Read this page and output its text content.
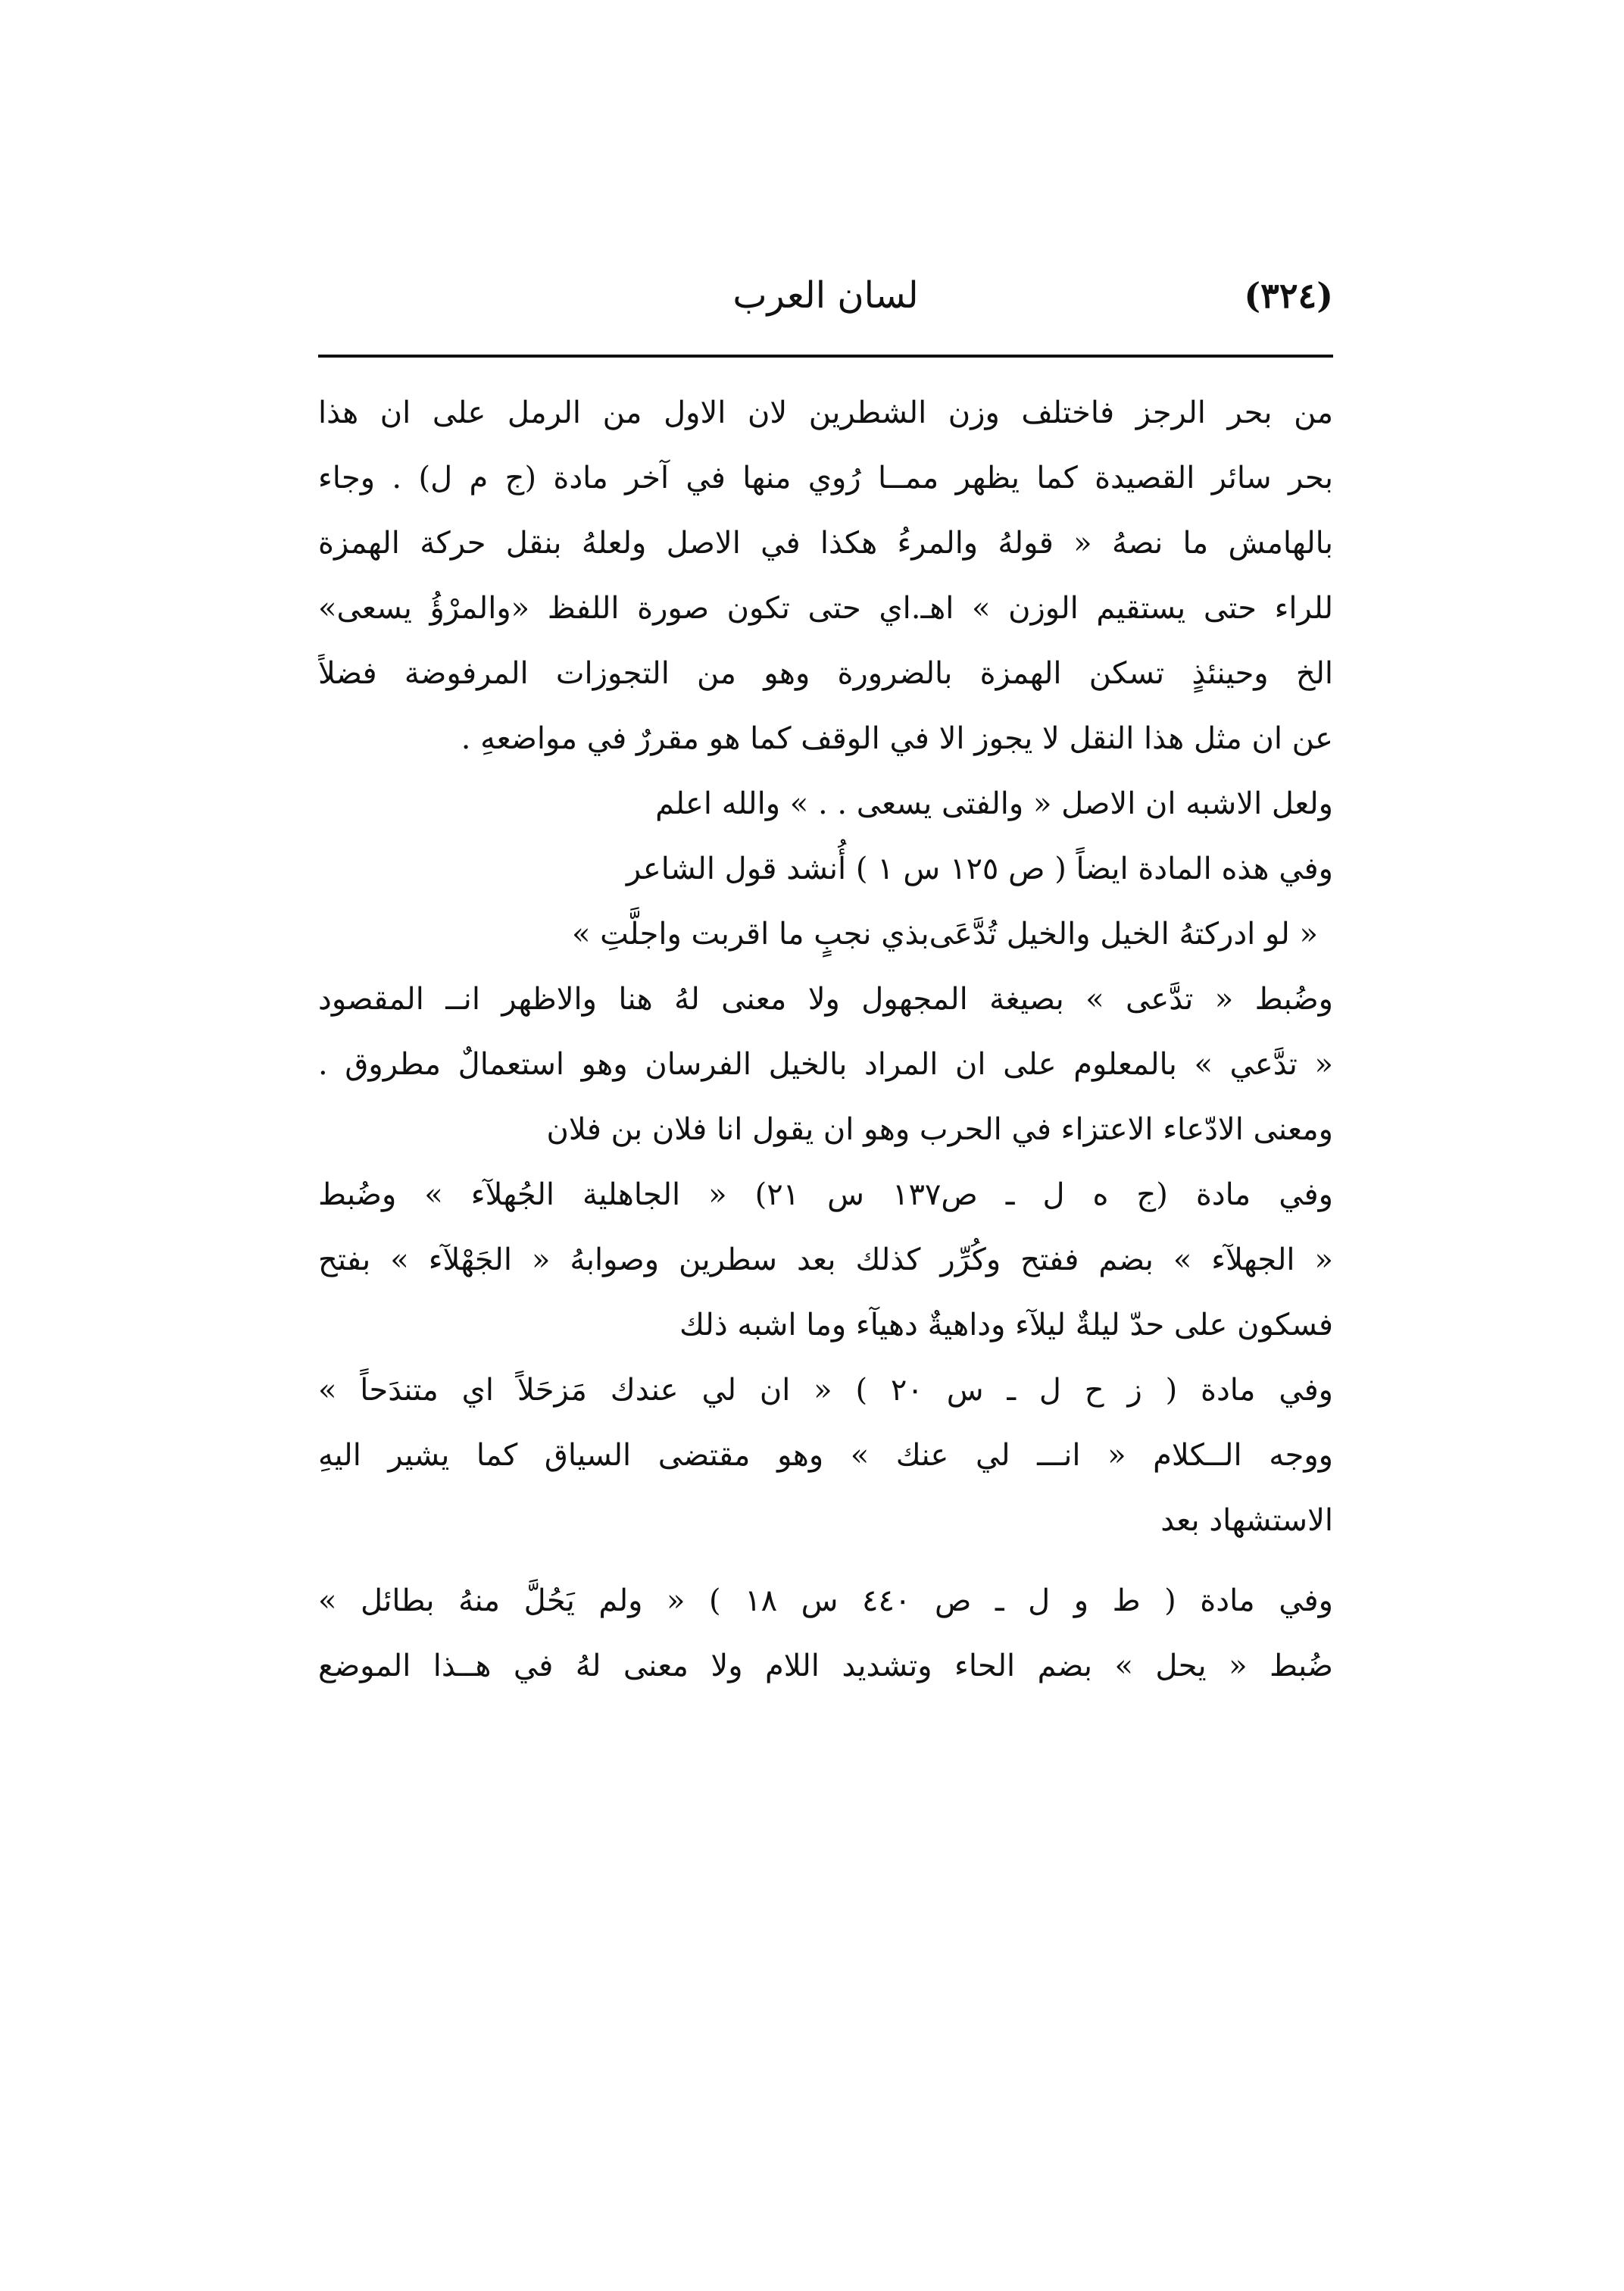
(٣٢٤)
لسان العرب
من بحر الرجز فاختلف وزن الشطرين لان الاول من الرمل على ان هذا
بحر سائر القصيدة كما يظهر ممــا رُوي منها في آخر مادة (ج م ل) . وجاء
بالهامش ما نصهُ « قولهُ والمرءُ هكذا في الاصل ولعلهُ بنقل حركة الهمزة
للراء حتى يستقيم الوزن » اهـ.اي حتى تكون صورة اللفظ «والمرْؤُ يسعى»
الخ وحينئذٍ تسكن الهمزة بالضرورة وهو من التجوزات المرفوضة فضلاً
عن ان مثل هذا النقل لا يجوز الا في الوقف كما هو مقررٌ في مواضعهِ .
ولعل الاشبه ان الاصل « والفتى يسعى . . » والله اعلم
وفي هذه المادة ايضاً ( ص ١٢٥ س ١ ) أُنشد قول الشاعر
« لو ادركتهُ الخيل والخيل تُدَّعَى
بذي نجبٍ ما اقربت واجلَّتِ »
وضُبط « تدَّعى » بصيغة المجهول ولا معنى لهُ هنا والاظهر انــ المقصود
« تدَّعي » بالمعلوم على ان المراد بالخيل الفرسان وهو استعمالٌ مطروق .
ومعنى الادّعاء الاعتزاء في الحرب وهو ان يقول انا فلان بن فلان
وفي مادة (ج ه ل ـ ص١٣٧ س ٢١) « الجاهلية الجُهلآء » وضُبط
« الجهلآء » بضم ففتح وكُرِّر كذلك بعد سطرين وصوابهُ « الجَهْلآء » بفتح
فسكون على حدّ ليلةٌ ليلآء وداهيةٌ دهيآء وما اشبه ذلك
وفي مادة ( ز ح ل ـ س ٢٠ ) « ان لي عندك مَزحَلاً اي متندَحاً »
ووجه الــكلام « انـــ لي عنك » وهو مقتضى السياق كما يشير اليهِ
الاستشهاد بعد
وفي مادة ( ط و ل ـ ص ٤٤٠ س ١٨ ) « ولم يَحُلَّ منهُ بطائل »
ضُبط « يحل » بضم الحاء وتشديد اللام ولا معنى لهُ في هــذا الموضع
